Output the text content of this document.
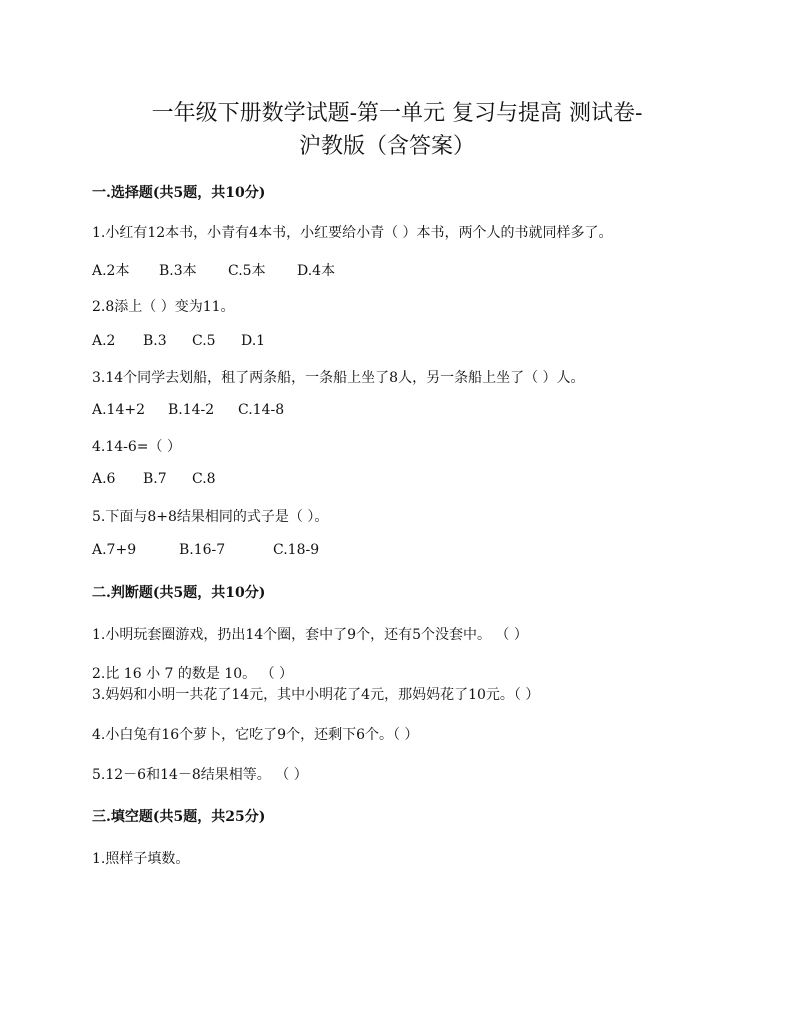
一年级下册数学试题-第一单元 复习与提高 测试卷-
沪教版（含答案）
一.选择题(共5题，共10分)
1.小红有12本书，小青有4本书，小红要给小青（ ）本书，两个人的书就同样多了。
A.2本 B.3本 C.5本 D.4本
2.8添上（ ）变为11。
A.2 B.3 C.5 D.1
3.14个同学去划船，租了两条船，一条船上坐了8人，另一条船上坐了（ ）人。
A.14+2 B.14-2 C.14-8
4.14-6=（ ）
A.6 B.7 C.8
5.下面与8+8结果相同的式子是（ ）。
A.7+9	B.16-7	C.18-9
二.判断题(共5题，共10分)
1.小明玩套圈游戏，扔出14个圈，套中了9个，还有5个没套中。 （ ）
2.比 16 小 7 的数是 10。 （ ）
3.妈妈和小明一共花了14元，其中小明花了4元，那妈妈花了10元。（ ）
4.小白兔有16个萝卜，它吃了9个，还剩下6个。（ ）
5.12－6和14－8结果相等。 （ ）
三.填空题(共5题，共25分)
1.照样子填数。
